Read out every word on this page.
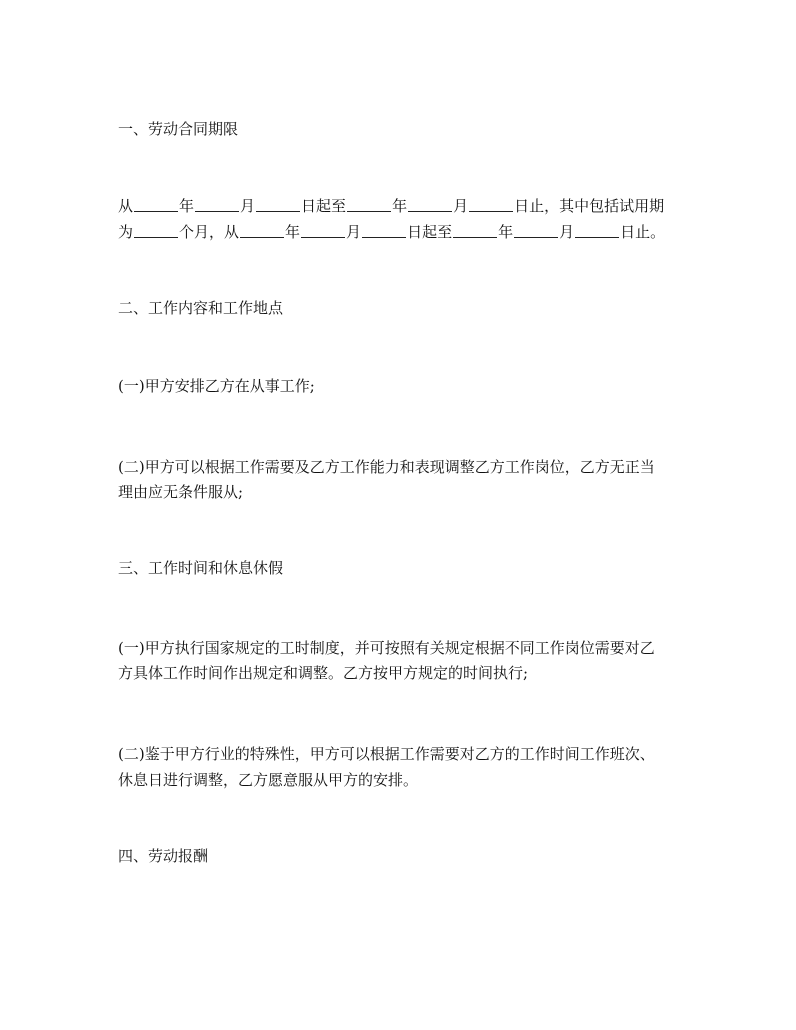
一、劳动合同期限
从	年	月	日起至	年	月	日止，其中包括试用期
为	个月，从	年	月	日起至	年	月	日止。
二、工作内容和工作地点
(一)甲方安排乙方在从事工作;
(二)甲方可以根据工作需要及乙方工作能力和表现调整乙方工作岗位，乙方无正当
理由应无条件服从;
三、工作时间和休息休假
(一)甲方执行国家规定的工时制度，并可按照有关规定根据不同工作岗位需要对乙
方具体工作时间作出规定和调整。乙方按甲方规定的时间执行;
(二)鉴于甲方行业的特殊性，甲方可以根据工作需要对乙方的工作时间工作班次、
休息日进行调整，乙方愿意服从甲方的安排。
四、劳动报酬
